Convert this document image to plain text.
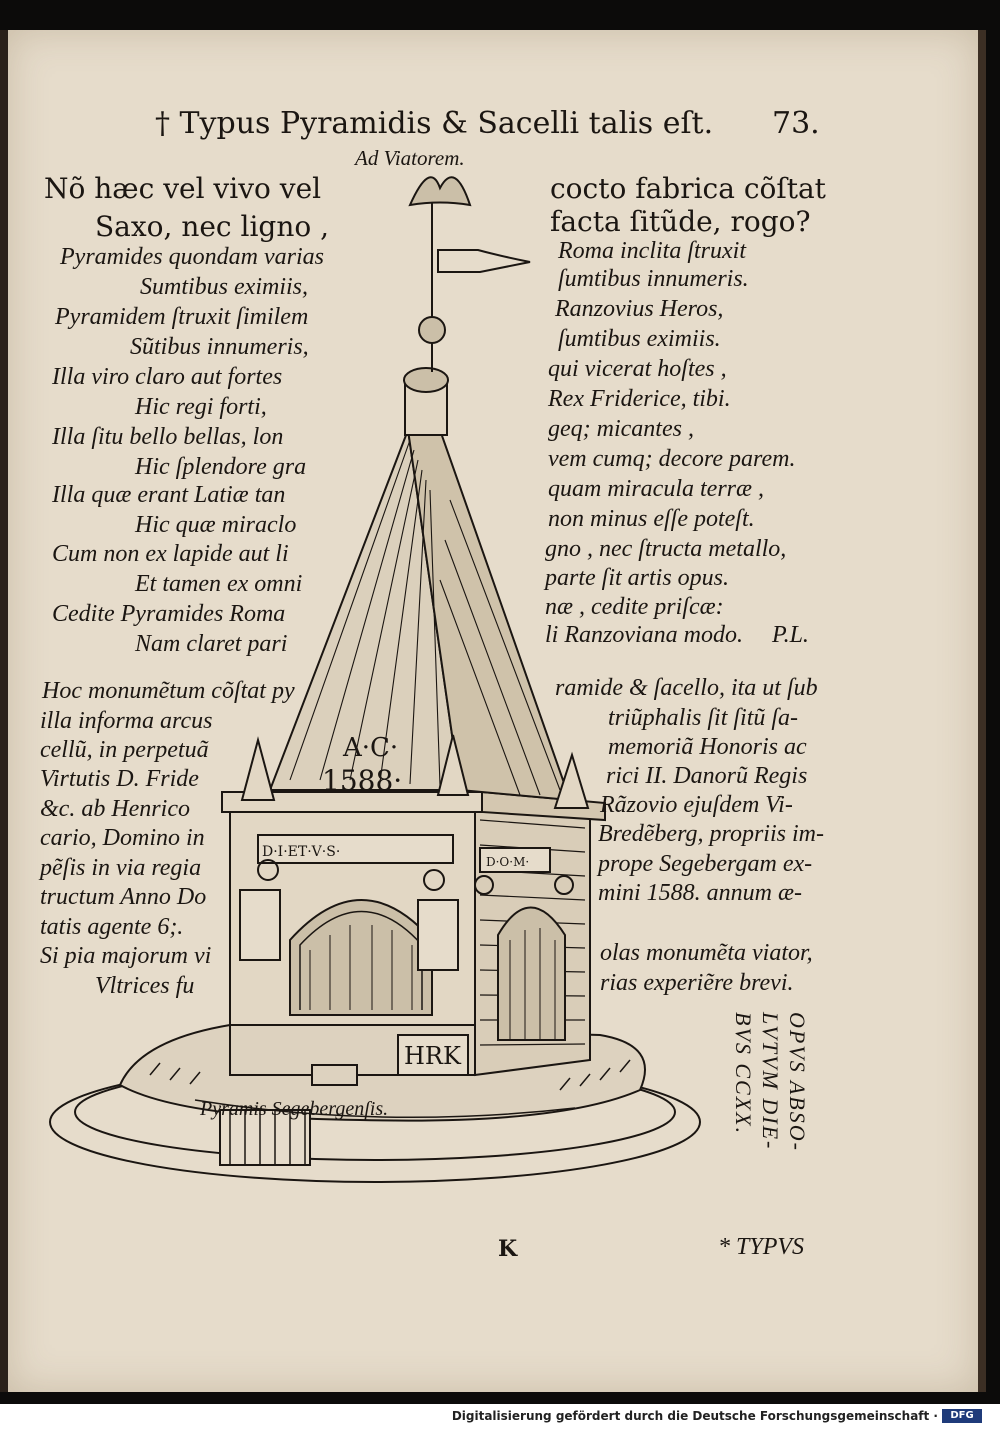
† Typus Pyramidis & Sacelli talis eſt. 73.
Ad Viatorem.
A·C·
1588·
D·I·ET·V·S·
D·O·M·
HRK
Pyramis Segebergenſis.
Nõ hæc vel vivo vel
Saxo, nec ligno ,
Pyramides quondam varias
Sumtibus eximiis,
Pyramidem ſtruxit ſimilem
Sũtibus innumeris,
Illa viro claro aut fortes
Hic regi forti,
Illa ſitu bello bellas, lon
Hic ſplendore gra
Illa quæ erant Latiæ tan
Hic quæ miraclo
Cum non ex lapide aut li
Et tamen ex omni
Cedite Pyramides Roma
Nam claret pari
cocto fabrica cõſtat
facta ſitũde, rogo?
Roma inclita ſtruxit
ſumtibus innumeris.
Ranzovius Heros,
ſumtibus eximiis.
qui vicerat hoſtes ,
Rex Friderice, tibi.
geq; micantes ,
vem cumq; decore parem.
quam miracula terræ ,
non minus eſſe poteſt.
gno , nec ſtructa metallo,
parte ſit artis opus.
næ , cedite priſcæ:
li Ranzoviana modo. P.L.
Hoc monumẽtum cõſtat py
illa informa arcus
cellũ, in perpetuã
Virtutis D. Fride
&c. ab Henrico
cario, Domino in
pẽſis in via regia
tructum Anno Do
tatis agente 6;.
Si pia majorum vi
Vltrices fu
ramide & ſacello, ita ut ſub
triũphalis ſit ſitũ ſa-
memoriã Honoris ac
rici II. Danorũ Regis
Rãzovio ejuſdem Vi-
Bredẽberg, propriis im-
prope Segebergam ex-
mini 1588. annum æ-
olas monumẽta viator,
rias experiẽre brevi.
OPVS ABSO-
LVTVM DIE-
BVS CCXX.
K	* TYPVS
Digitalisierung gefördert durch die Deutsche Forschungsgemeinschaft ·	DFG
